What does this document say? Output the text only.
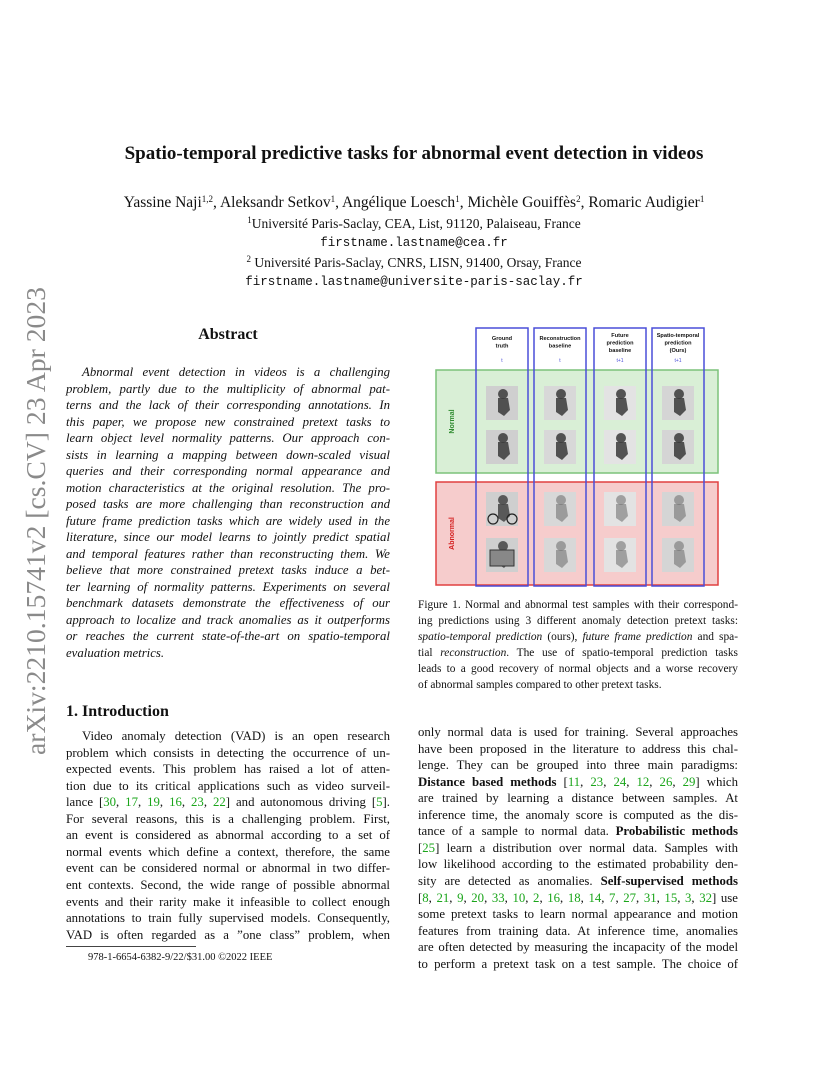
arXiv:2210.15741v2 [cs.CV] 23 Apr 2023
Spatio-temporal predictive tasks for abnormal event detection in videos
Yassine Naji$^{1,2}$, Aleksandr Setkov$^1$, Angélique Loesch$^1$, Michèle Gouiffès$^2$, Romaric Audigier$^1$
$^1$Université Paris-Saclay, CEA, List, 91120, Palaiseau, France
firstname.lastname@cea.fr
$^2$ Université Paris-Saclay, CNRS, LISN, 91400, Orsay, France
firstname.lastname@universite-paris-saclay.fr
Abstract
Abnormal event detection in videos is a challenging
problem, partly due to the multiplicity of abnormal pat-
terns and the lack of their corresponding annotations. In
this paper, we propose new constrained pretext tasks to
learn object level normality patterns. Our approach con-
sists in learning a mapping between down-scaled visual
queries and their corresponding normal appearance and
motion characteristics at the original resolution. The pro-
posed tasks are more challenging than reconstruction and
future frame prediction tasks which are widely used in the
literature, since our model learns to jointly predict spatial
and temporal features rather than reconstructing them. We
believe that more constrained pretext tasks induce a bet-
ter learning of normality patterns. Experiments on several
benchmark datasets demonstrate the effectiveness of our
approach to localize and track anomalies as it outperforms
or reaches the current state-of-the-art on spatio-temporal
evaluation metrics.
1. Introduction
Video anomaly detection (VAD) is an open research
problem which consists in detecting the occurrence of un-
expected events. This problem has raised a lot of atten-
tion due to its critical applications such as video surveil-
lance [30, 17, 19, 16, 23, 22] and autonomous driving [5].
For several reasons, this is a challenging problem. First,
an event is considered as abnormal according to a set of
normal events which define a context, therefore, the same
event can be considered normal or abnormal in two differ-
ent contexts. Second, the wide range of possible abnormal
events and their rarity make it infeasible to collect enough
annotations to train fully supervised models. Consequently,
VAD is often regarded as a ”one class” problem, when
only normal data is used for training. Several approaches
have been proposed in the literature to address this chal-
lenge. They can be grouped into three main paradigms:
Distance based methods [11, 23, 24, 12, 26, 29] which
are trained by learning a distance between samples. At
inference time, the anomaly score is computed as the dis-
tance of a sample to normal data. Probabilistic methods
[25] learn a distribution over normal data. Samples with
low likelihood according to the estimated probability den-
sity are detected as anomalies. Self-supervised methods
[8, 21, 9, 20, 33, 10, 2, 16, 18, 14, 7, 27, 31, 15, 3, 32] use
some pretext tasks to learn normal appearance and motion
features from training data. At inference time, anomalies
are often detected by measuring the incapacity of the model
to perform a pretext task on a test sample. The choice of
978-1-6654-6382-9/22/$31.00 ©2022 IEEE
Normal
Abnormal
Ground
truth
t
Reconstruction
baseline
t
Future
prediction
baseline
t+1
Spatio-temporal
prediction
(Ours)
t+1
Figure 1. Normal and abnormal test samples with their correspond-
ing predictions using 3 different anomaly detection pretext tasks:
spatio-temporal prediction (ours), future frame prediction and spa-
tial reconstruction. The use of spatio-temporal prediction tasks
leads to a good recovery of normal objects and a worse recovery
of abnormal samples compared to other pretext tasks.
